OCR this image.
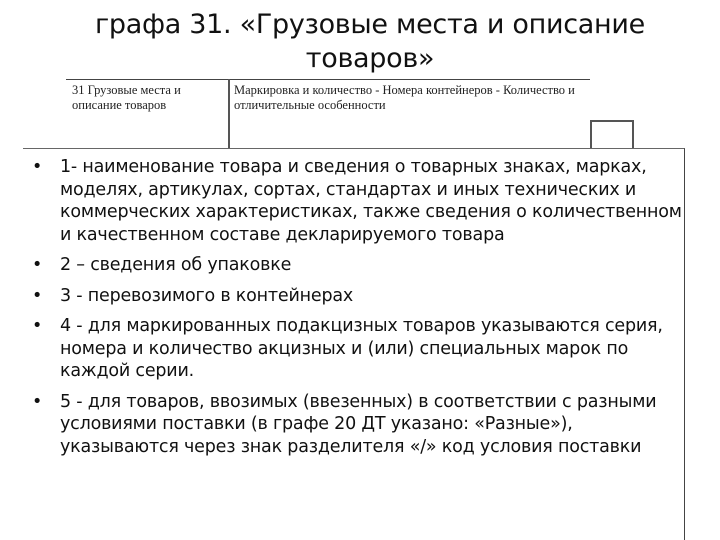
графа 31. «Грузовые места и описание товаров»
31 Грузовые места и описание товаров
Маркировка и количество - Номера контейнеров - Количество и отличительные особенности
•	1- наименование товара и сведения о товарных знаках, марках, моделях, артикулах, сортах, стандартах и иных технических и коммерческих характеристиках, также сведения о количественном и качественном составе декларируемого товара
•	2 – сведения об упаковке
•	3 - перевозимого в контейнерах
•	4 - для маркированных подакцизных товаров указываются серия, номера и количество акцизных и (или) специальных марок по каждой серии.
•	5 - для товаров, ввозимых (ввезенных) в соответствии с разными условиями поставки (в графе 20 ДТ указано: «Разные»), указываются через знак разделителя «/» код условия поставки
